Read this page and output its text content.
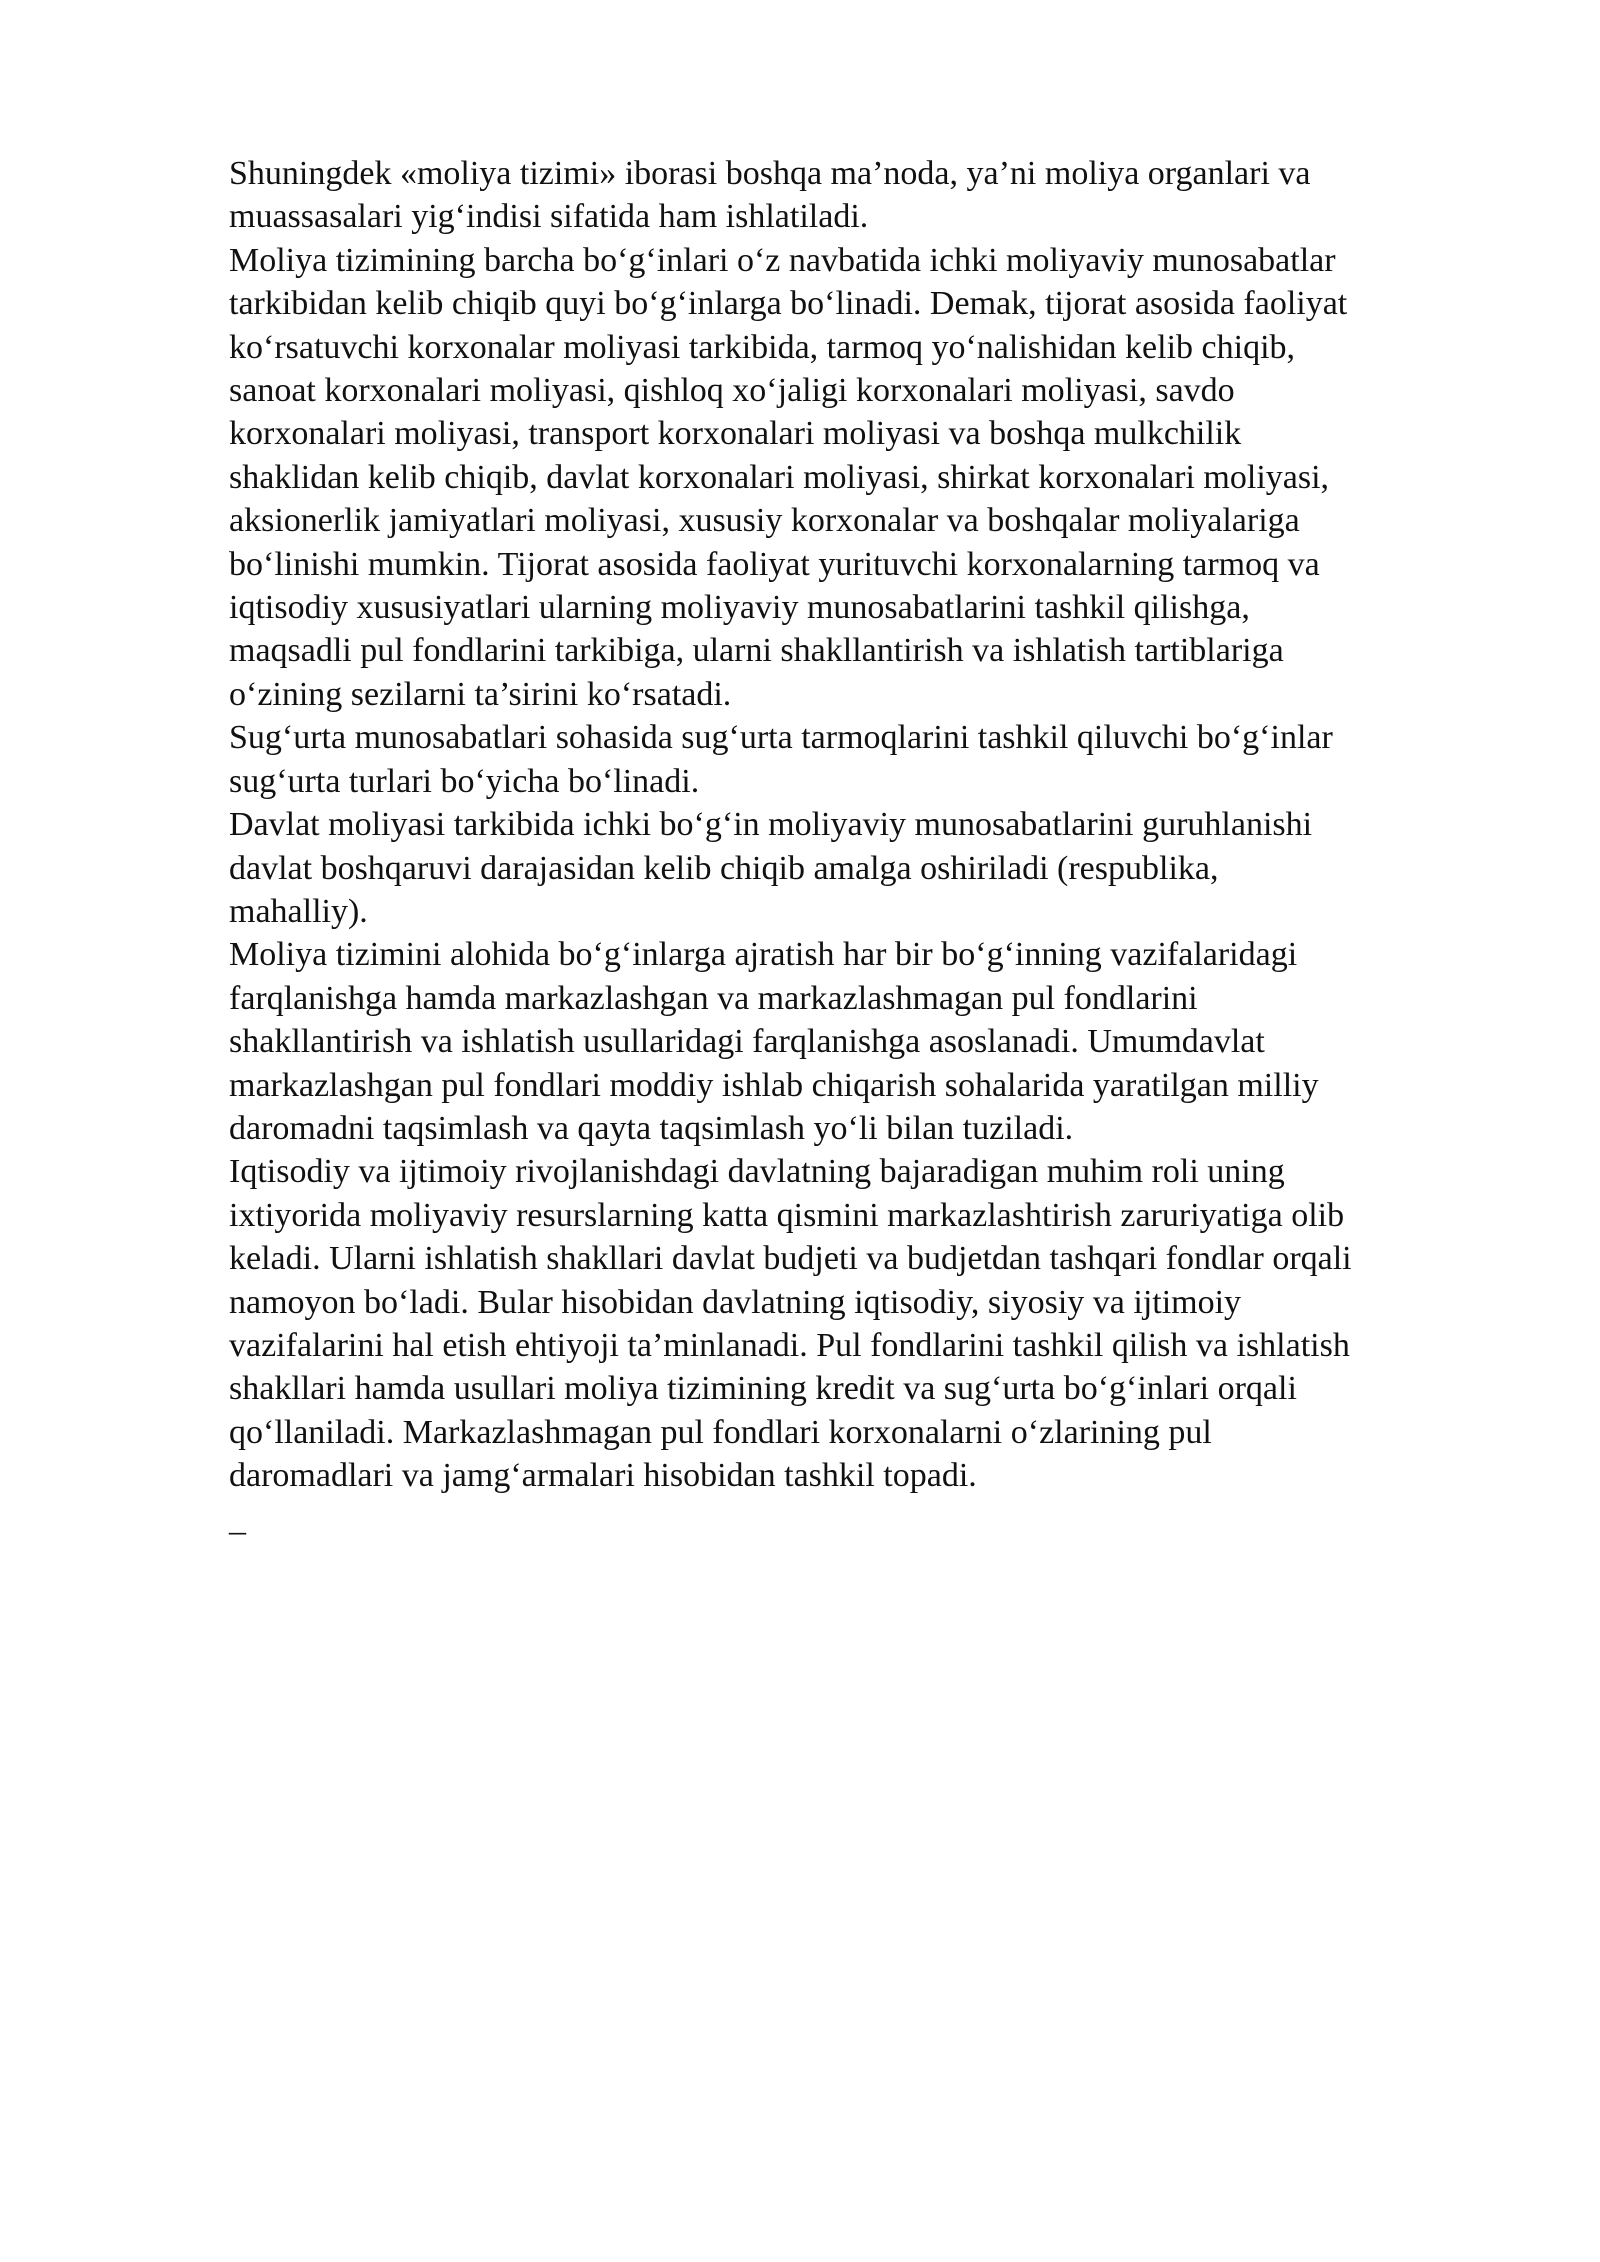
Shuningdek «moliya tizimi» iborasi boshqa ma’noda, ya’ni moliya organlari va
muassasalari yig‘indisi sifatida ham ishlatiladi.

Moliya tizimining barcha bo‘g‘inlari o‘z navbatida ichki moliyaviy munosabatlar
tarkibidan kelib chiqib quyi bo‘g‘inlarga bo‘linadi. Demak, tijorat asosida faoliyat
ko‘rsatuvchi korxonalar moliyasi tarkibida, tarmoq yo‘nalishidan kelib chiqib,
sanoat korxonalari moliyasi, qishloq xo‘jaligi korxonalari moliyasi, savdo
korxonalari moliyasi, transport korxonalari moliyasi va boshqa mulkchilik
shaklidan kelib chiqib, davlat korxonalari moliyasi, shirkat korxonalari moliyasi,
aksionerlik jamiyatlari moliyasi, xususiy korxonalar va boshqalar moliyalariga
bo‘linishi mumkin. Tijorat asosida faoliyat yurituvchi korxonalarning tarmoq va
iqtisodiy xususiyatlari ularning moliyaviy munosabatlarini tashkil qilishga,
maqsadli pul fondlarini tarkibiga, ularni shakllantirish va ishlatish tartiblariga
o‘zining sezilarni ta’sirini ko‘rsatadi.

Sug‘urta munosabatlari sohasida sug‘urta tarmoqlarini tashkil qiluvchi bo‘g‘inlar
sug‘urta turlari bo‘yicha bo‘linadi.

Davlat moliyasi tarkibida ichki bo‘g‘in moliyaviy munosabatlarini guruhlanishi
davlat boshqaruvi darajasidan kelib chiqib amalga oshiriladi (respublika,
mahalliy).

Moliya tizimini alohida bo‘g‘inlarga ajratish har bir bo‘g‘inning vazifalaridagi
farqlanishga hamda markazlashgan va markazlashmagan pul fondlarini
shakllantirish va ishlatish usullaridagi farqlanishga asoslanadi. Umumdavlat
markazlashgan pul fondlari moddiy ishlab chiqarish sohalarida yaratilgan milliy
daromadni taqsimlash va qayta taqsimlash yo‘li bilan tuziladi.

Iqtisodiy va ijtimoiy rivojlanishdagi davlatning bajaradigan muhim roli uning
ixtiyorida moliyaviy resurslarning katta qismini markazlashtirish zaruriyatiga olib
keladi. Ularni ishlatish shakllari davlat budjeti va budjetdan tashqari fondlar orqali
namoyon bo‘ladi. Bular hisobidan davlatning iqtisodiy, siyosiy va ijtimoiy
vazifalarini hal etish ehtiyoji ta’minlanadi. Pul fondlarini tashkil qilish va ishlatish
shakllari hamda usullari moliya tizimining kredit va sug‘urta bo‘g‘inlari orqali
qo‘llaniladi. Markazlashmagan pul fondlari korxonalarni o‘zlarining pul
daromadlari va jamg‘armalari hisobidan tashkil topadi.

_
